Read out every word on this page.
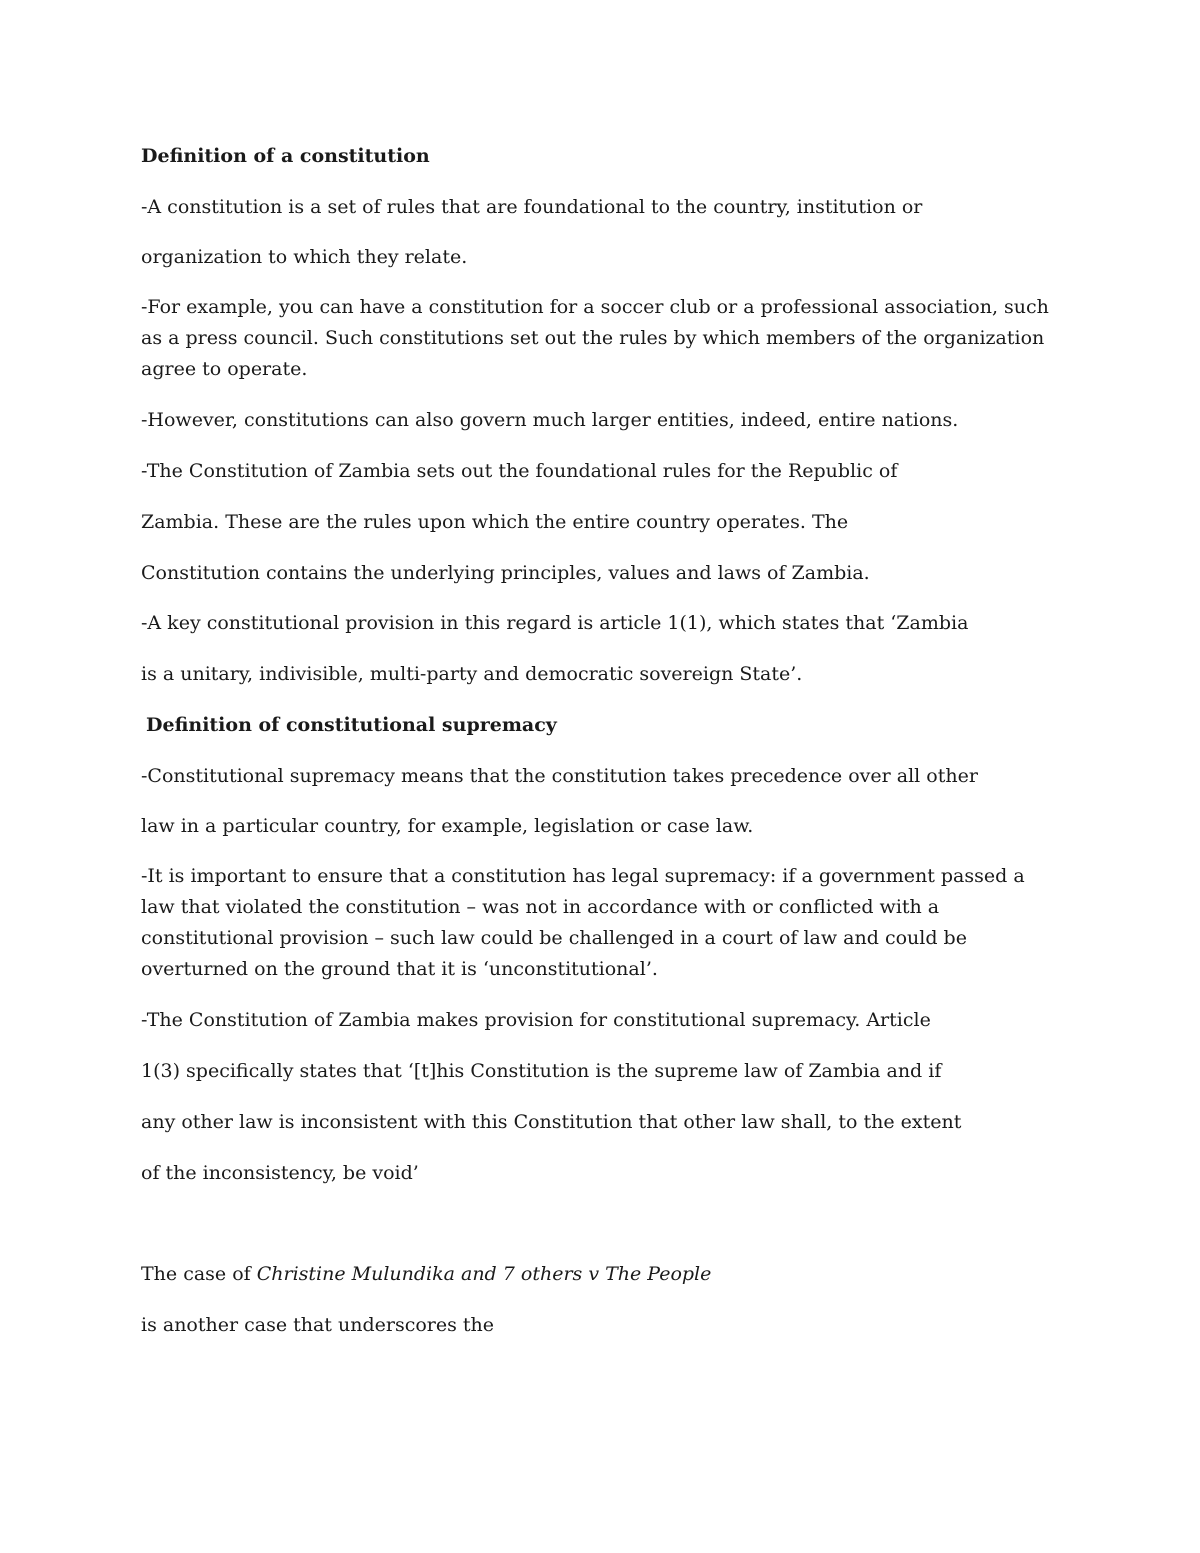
Definition of a constitution
-A constitution is a set of rules that are foundational to the country, institution or
organization to which they relate.
-For example, you can have a constitution for a soccer club or a professional association, such as a press council. Such constitutions set out the rules by which members of the organization agree to operate.
-However, constitutions can also govern much larger entities, indeed, entire nations.
-The Constitution of Zambia sets out the foundational rules for the Republic of
Zambia. These are the rules upon which the entire country operates. The
Constitution contains the underlying principles, values and laws of Zambia.
-A key constitutional provision in this regard is article 1(1), which states that ‘Zambia
is a unitary, indivisible, multi-party and democratic sovereign State’.
Definition of constitutional supremacy
-Constitutional supremacy means that the constitution takes precedence over all other
law in a particular country, for example, legislation or case law.
-It is important to ensure that a constitution has legal supremacy: if a government passed a law that violated the constitution – was not in accordance with or conflicted with a constitutional provision – such law could be challenged in a court of law and could be overturned on the ground that it is ‘unconstitutional’.
-The Constitution of Zambia makes provision for constitutional supremacy. Article
1(3) specifically states that ‘[t]his Constitution is the supreme law of Zambia and if
any other law is inconsistent with this Constitution that other law shall, to the extent
of the inconsistency, be void’
The case of Christine Mulundika and 7 others v The People
is another case that underscores the
